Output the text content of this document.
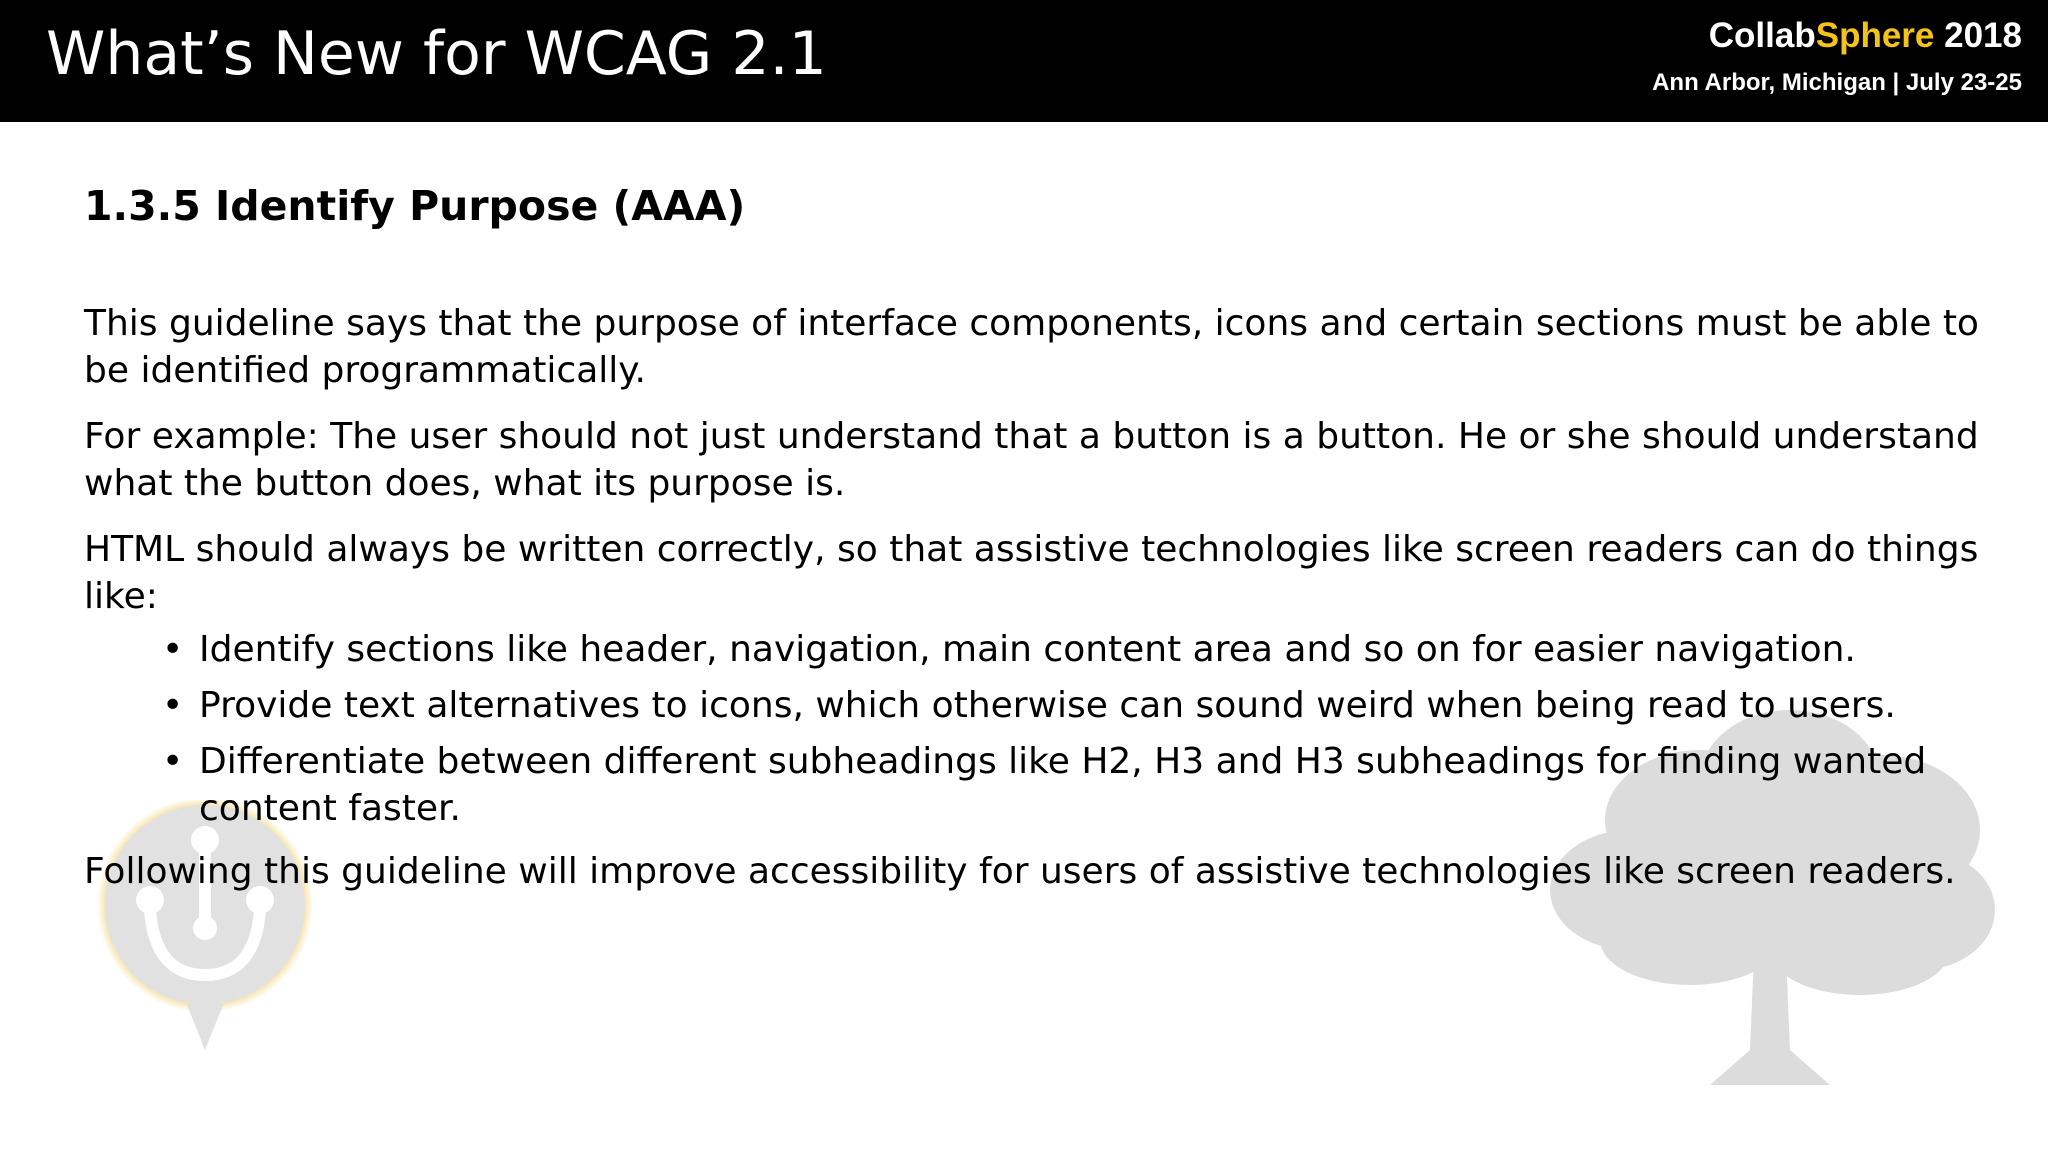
What’s New for WCAG 2.1	CollabSphere 2018
Ann Arbor, Michigan | July 23-25
1.3.5 Identify Purpose (AAA)

This guideline says that the purpose of interface components, icons and certain sections must be able to be identified programmatically.

For example: The user should not just understand that a button is a button. He or she should understand what the button does, what its purpose is.

HTML should always be written correctly, so that assistive technologies like screen readers can do things like:

• Identify sections like header, navigation, main content area and so on for easier navigation.
• Provide text alternatives to icons, which otherwise can sound weird when being read to users.
• Differentiate between different subheadings like H2, H3 and H3 subheadings for finding wanted content faster.

Following this guideline will improve accessibility for users of assistive technologies like screen readers.
